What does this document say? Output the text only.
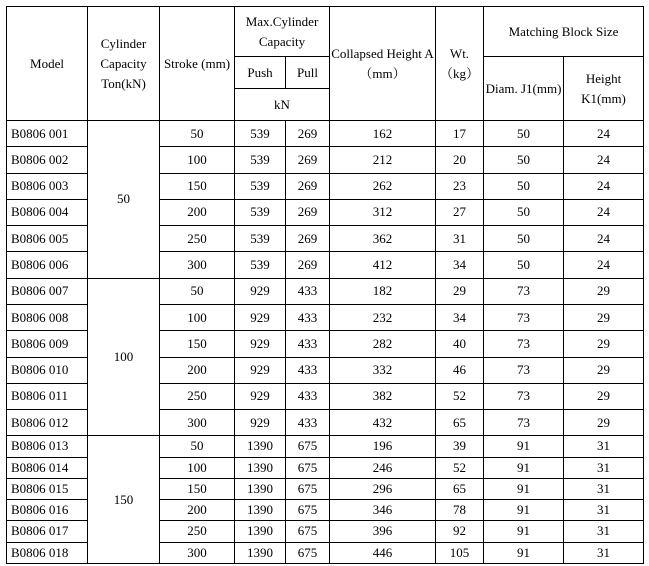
Model	Cylinder Capacity Ton(kN)	Stroke (mm)	Max.Cylinder Capacity		Collapsed Height A（mm）	Wt.（kg）	Matching Block Size	
			Push	Pull			Diam. J1(mm)	Height K1(mm)
			kN					
B0806 001	50	50	539	269	162	17	50	24
B0806 002		100	539	269	212	20	50	24
B0806 003		150	539	269	262	23	50	24
B0806 004		200	539	269	312	27	50	24
B0806 005		250	539	269	362	31	50	24
B0806 006		300	539	269	412	34	50	24
B0806 007	100	50	929	433	182	29	73	29
B0806 008		100	929	433	232	34	73	29
B0806 009		150	929	433	282	40	73	29
B0806 010		200	929	433	332	46	73	29
B0806 011		250	929	433	382	52	73	29
B0806 012		300	929	433	432	65	73	29
B0806 013	150	50	1390	675	196	39	91	31
B0806 014		100	1390	675	246	52	91	31
B0806 015		150	1390	675	296	65	91	31
B0806 016		200	1390	675	346	78	91	31
B0806 017		250	1390	675	396	92	91	31
B0806 018		300	1390	675	446	105	91	31
